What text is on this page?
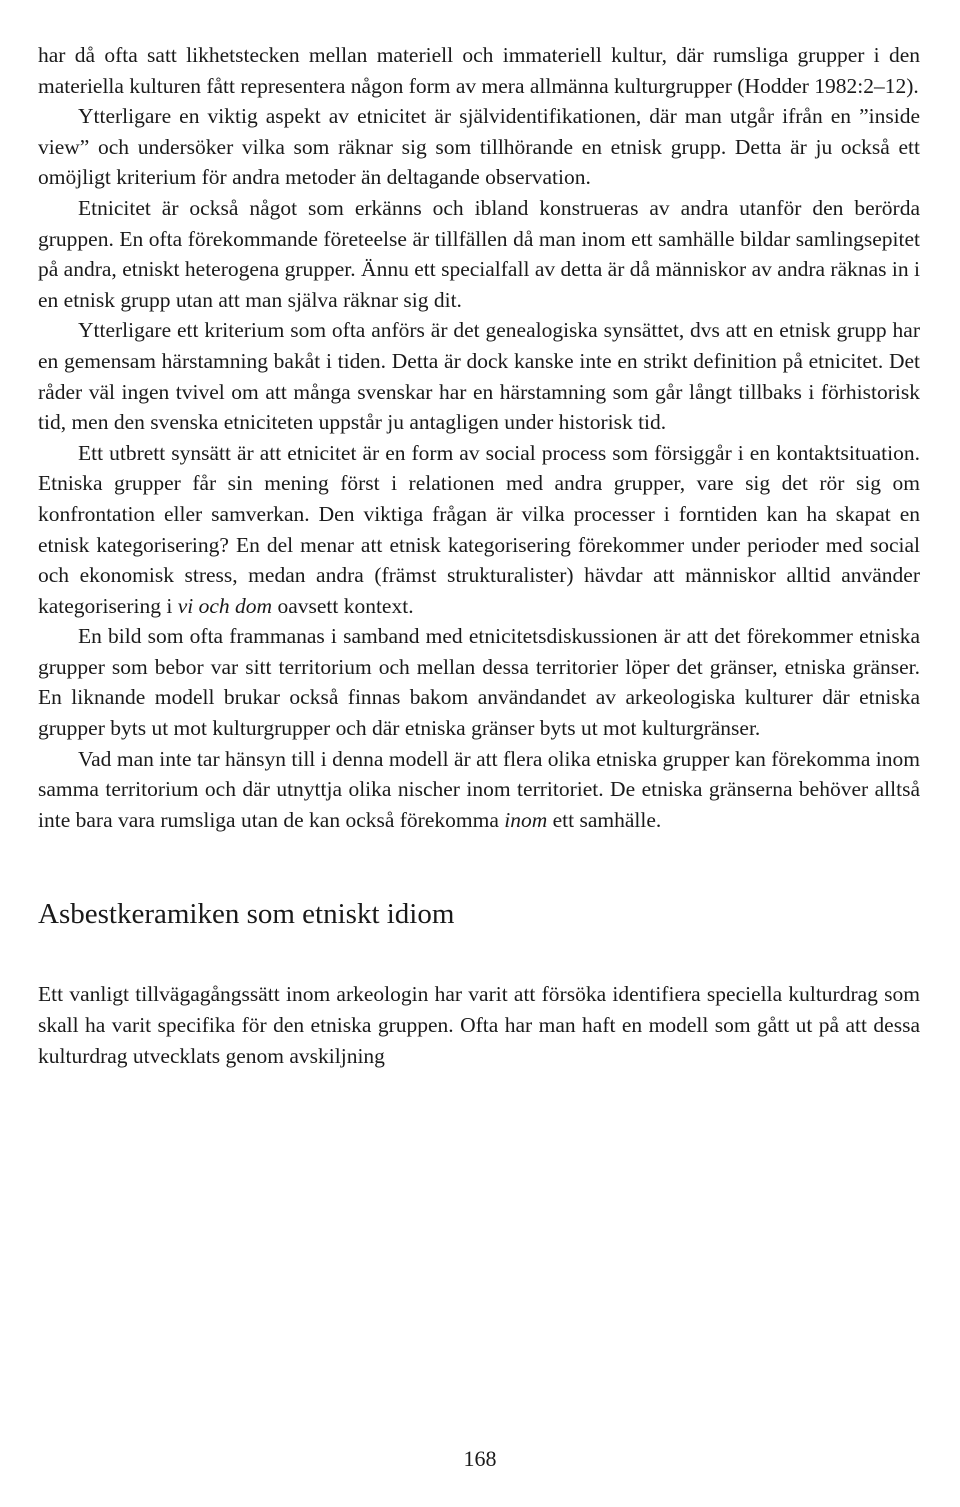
har då ofta satt likhetstecken mellan materiell och immateriell kultur, där rumsliga grupper i den materiella kulturen fått representera någon form av mera allmänna kulturgrupper (Hodder 1982:2–12).

Ytterligare en viktig aspekt av etnicitet är självidentifikationen, där man utgår ifrån en ”inside view” och undersöker vilka som räknar sig som tillhörande en etnisk grupp. Detta är ju också ett omöjligt kriterium för andra metoder än deltagande observation.

Etnicitet är också något som erkänns och ibland konstrueras av andra utanför den berörda gruppen. En ofta förekommande företeelse är tillfällen då man inom ett samhälle bildar samlingsepitet på andra, etniskt heterogena grupper. Ännu ett specialfall av detta är då människor av andra räknas in i en etnisk grupp utan att man själva räknar sig dit.

Ytterligare ett kriterium som ofta anförs är det genealogiska synsättet, dvs att en etnisk grupp har en gemensam härstamning bakåt i tiden. Detta är dock kanske inte en strikt definition på etnicitet. Det råder väl ingen tvivel om att många svenskar har en härstamning som går långt tillbaks i förhistorisk tid, men den svenska etniciteten uppstår ju antagligen under historisk tid.

Ett utbrett synsätt är att etnicitet är en form av social process som försiggår i en kontaktsituation. Etniska grupper får sin mening först i relationen med andra grupper, vare sig det rör sig om konfrontation eller samverkan. Den viktiga frågan är vilka processer i forntiden kan ha skapat en etnisk kategorisering? En del menar att etnisk kategorisering förekommer under perioder med social och ekonomisk stress, medan andra (främst strukturalister) hävdar att människor alltid använder kategorisering i vi och dom oavsett kontext.

En bild som ofta frammanas i samband med etnicitetsdiskussionen är att det förekommer etniska grupper som bebor var sitt territorium och mellan dessa territorier löper det gränser, etniska gränser. En liknande modell brukar också finnas bakom användandet av arkeologiska kulturer där etniska grupper byts ut mot kulturgrupper och där etniska gränser byts ut mot kulturgränser.

Vad man inte tar hänsyn till i denna modell är att flera olika etniska grupper kan förekomma inom samma territorium och där utnyttja olika nischer inom territoriet. De etniska gränserna behöver alltså inte bara vara rumsliga utan de kan också förekomma inom ett samhälle.

Asbestkeramiken som etniskt idiom

Ett vanligt tillvägagångssätt inom arkeologin har varit att försöka identifiera speciella kulturdrag som skall ha varit specifika för den etniska gruppen. Ofta har man haft en modell som gått ut på att dessa kulturdrag utvecklats genom avskiljning

168
